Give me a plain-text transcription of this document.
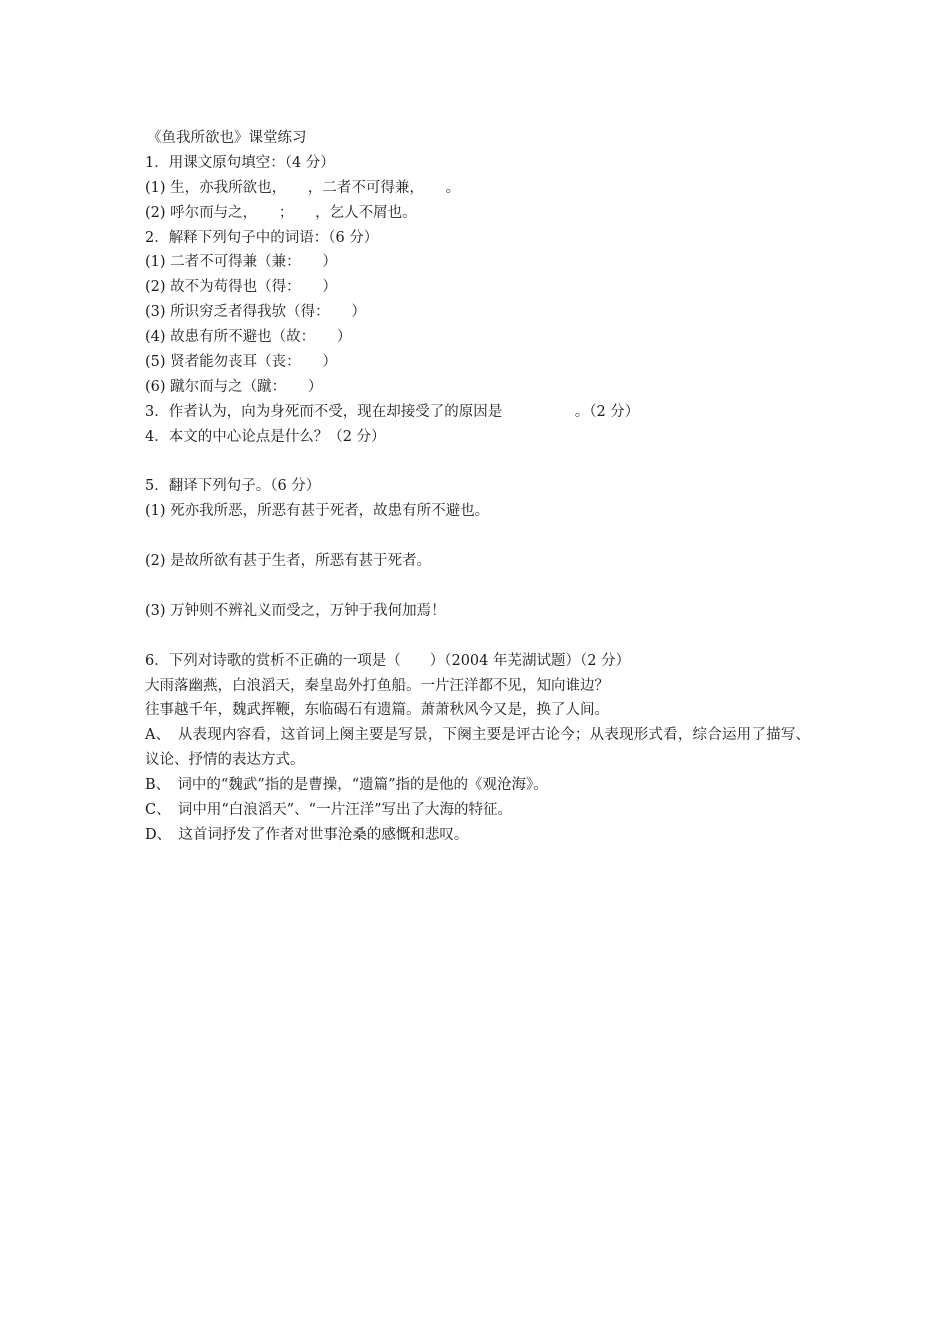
《鱼我所欲也》课堂练习
1．用课文原句填空：（4 分）
(1) 生，亦我所欲也，　　，二者不可得兼，　　。
(2) 呼尔而与之，　　；　　，乞人不屑也。
2．解释下列句子中的词语：（6 分）
(1) 二者不可得兼（兼：　　）
(2) 故不为苟得也（得：　　）
(3) 所识穷乏者得我欤（得：　　）
(4) 故患有所不避也（故：　　）
(5) 贤者能勿丧耳（丧：　　）
(6) 蹴尔而与之（蹴：　　）
3．作者认为，向为身死而不受，现在却接受了的原因是　　　　　。（2 分）
4．本文的中心论点是什么？（2 分）
5．翻译下列句子。（6 分）
(1) 死亦我所恶，所恶有甚于死者，故患有所不避也。
(2) 是故所欲有甚于生者，所恶有甚于死者。
(3) 万钟则不辨礼义而受之，万钟于我何加焉！
6．下列对诗歌的赏析不正确的一项是（　　）（2004 年芜湖试题）（2 分）
大雨落幽燕，白浪滔天，秦皇岛外打鱼船。一片汪洋都不见，知向谁边？
往事越千年，魏武挥鞭，东临碣石有遗篇。萧萧秋风今又是，换了人间。
A、　从表现内容看，这首词上阕主要是写景，下阕主要是评古论今；从表现形式看，综合运用了描写、议论、抒情的表达方式。
B、　词中的“魏武”指的是曹操，“遗篇”指的是他的《观沧海》。
C、　词中用“白浪滔天”、“一片汪洋”写出了大海的特征。
D、　这首词抒发了作者对世事沧桑的感慨和悲叹。
